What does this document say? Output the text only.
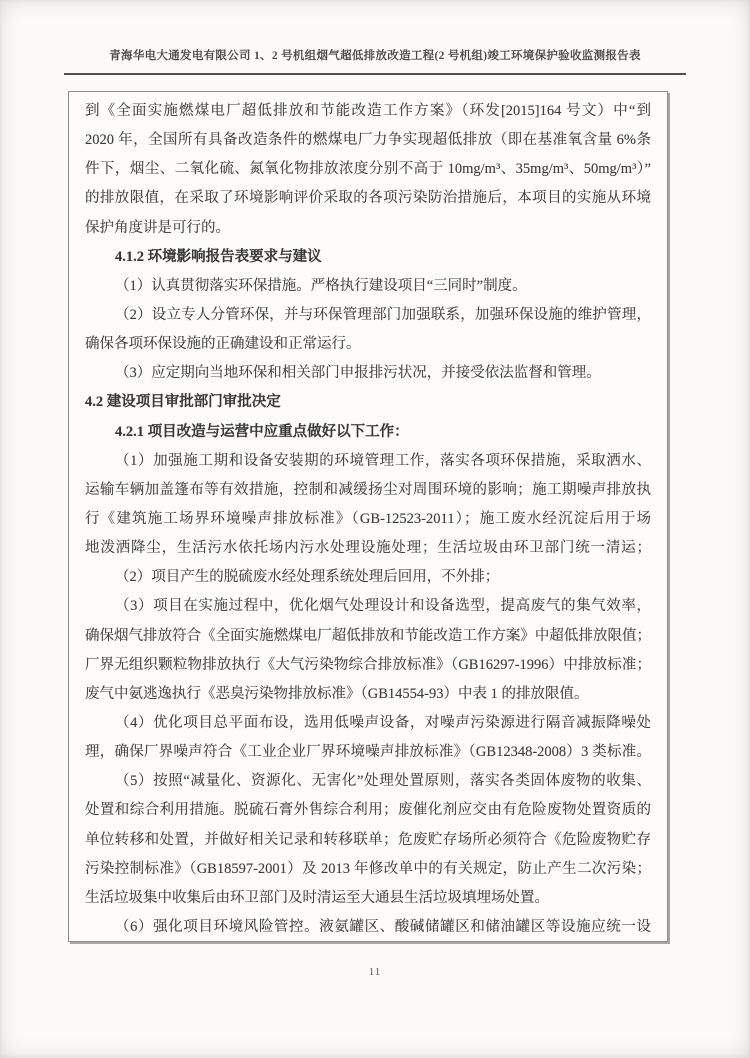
青海华电大通发电有限公司 1、2 号机组烟气超低排放改造工程(2 号机组)竣工环境保护验收监测报告表
到《全面实施燃煤电厂超低排放和节能改造工作方案》（环发[2015]164 号文）中“到
2020 年，全国所有具备改造条件的燃煤电厂力争实现超低排放（即在基准氧含量 6%条
件下，烟尘、二氧化硫、氮氧化物排放浓度分别不高于 10mg/m³、35mg/m³、50mg/m³）”
的排放限值，在采取了环境影响评价采取的各项污染防治措施后，本项目的实施从环境
保护角度讲是可行的。
4.1.2 环境影响报告表要求与建议
（1）认真贯彻落实环保措施。严格执行建设项目“三同时”制度。
（2）设立专人分管环保，并与环保管理部门加强联系，加强环保设施的维护管理，
确保各项环保设施的正确建设和正常运行。
（3）应定期向当地环保和相关部门申报排污状况，并接受依法监督和管理。
4.2 建设项目审批部门审批决定
4.2.1 项目改造与运营中应重点做好以下工作：
（1）加强施工期和设备安装期的环境管理工作，落实各项环保措施，采取洒水、
运输车辆加盖篷布等有效措施，控制和减缓扬尘对周围环境的影响；施工期噪声排放执
行《建筑施工场界环境噪声排放标准》（GB-12523-2011）；施工废水经沉淀后用于场
地泼洒降尘，生活污水依托场内污水处理设施处理；生活垃圾由环卫部门统一清运；
（2）项目产生的脱硫废水经处理系统处理后回用，不外排；
（3）项目在实施过程中，优化烟气处理设计和设备选型，提高废气的集气效率，
确保烟气排放符合《全面实施燃煤电厂超低排放和节能改造工作方案》中超低排放限值；
厂界无组织颗粒物排放执行《大气污染物综合排放标准》（GB16297-1996）中排放标准；
废气中氨逃逸执行《恶臭污染物排放标准》（GB14554-93）中表 1 的排放限值。
（4）优化项目总平面布设，选用低噪声设备，对噪声污染源进行隔音减振降噪处
理，确保厂界噪声符合《工业企业厂界环境噪声排放标准》（GB12348-2008）3 类标准。
（5）按照“减量化、资源化、无害化”处理处置原则，落实各类固体废物的收集、
处置和综合利用措施。脱硫石膏外售综合利用；废催化剂应交由有危险废物处置资质的
单位转移和处置，并做好相关记录和转移联单；危废贮存场所必须符合《危险废物贮存
污染控制标准》（GB18597-2001）及 2013 年修改单中的有关规定，防止产生二次污染；
生活垃圾集中收集后由环卫部门及时清运至大通县生活垃圾填埋场处置。
（6）强化项目环境风险管控。液氨罐区、酸碱储罐区和储油罐区等设施应统一设
11
